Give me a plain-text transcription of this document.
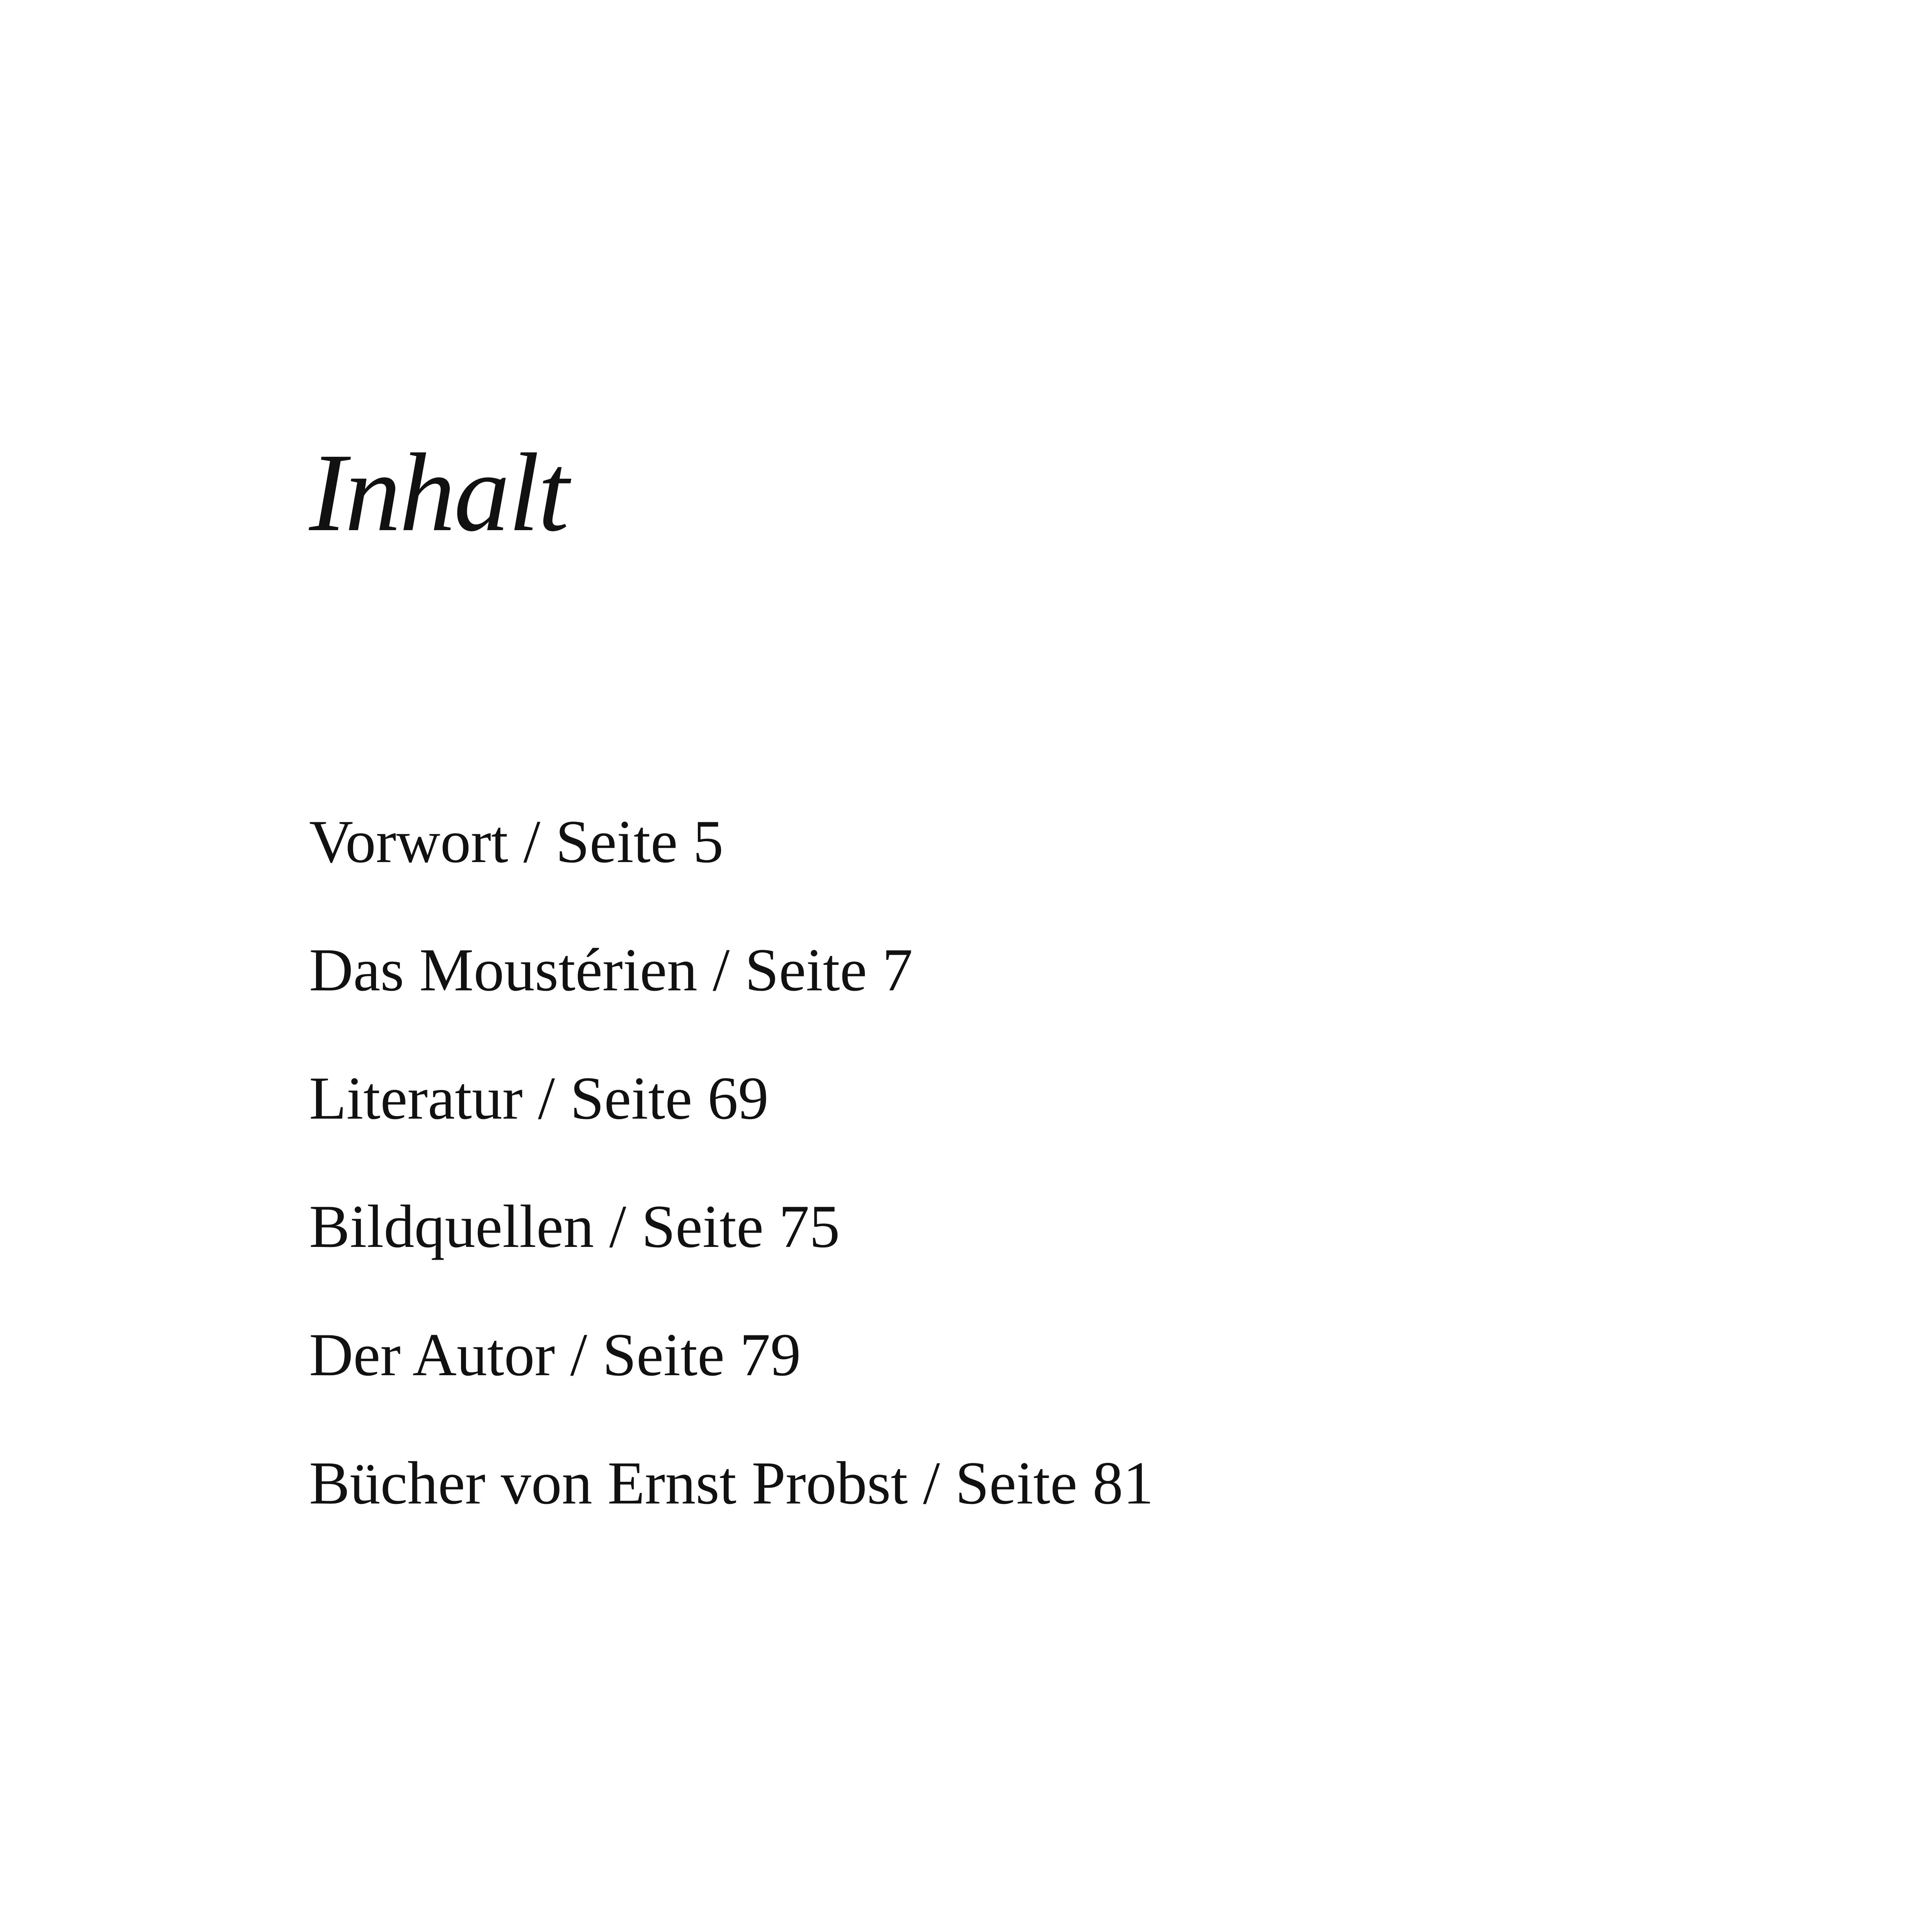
Inhalt
Vorwort / Seite 5
Das Moustérien / Seite 7
Literatur / Seite 69
Bildquellen / Seite 75
Der Autor / Seite 79
Bücher von Ernst Probst / Seite 81
